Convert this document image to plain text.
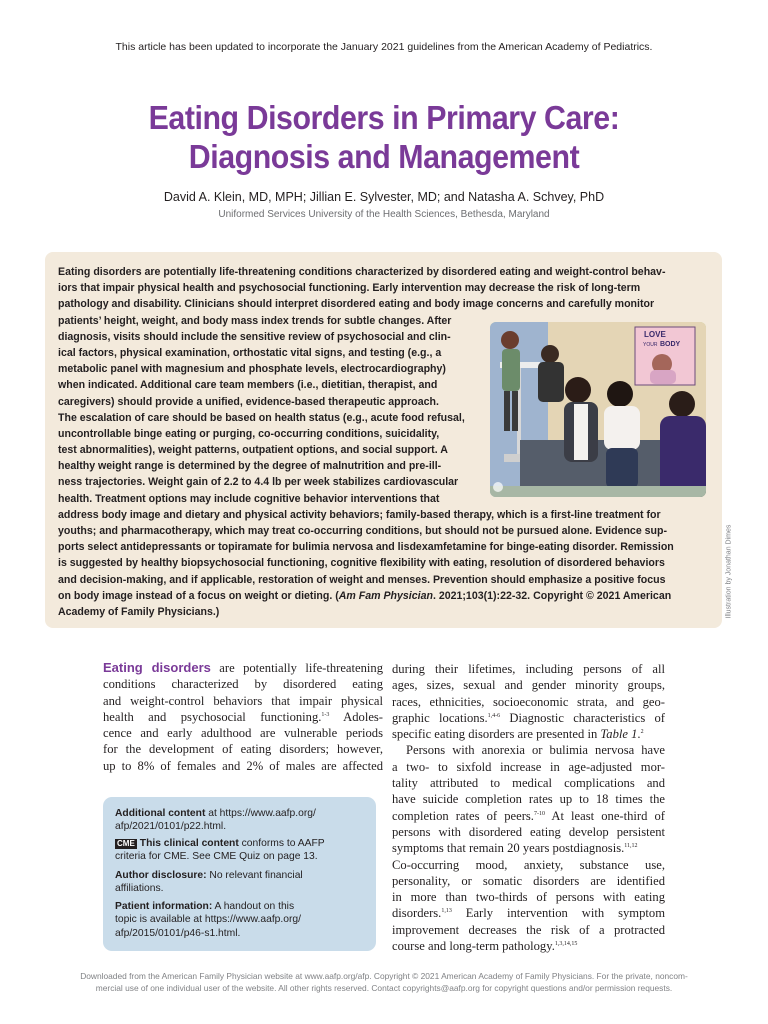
This article has been updated to incorporate the January 2021 guidelines from the American Academy of Pediatrics.
Eating Disorders in Primary Care:
Diagnosis and Management
David A. Klein, MD, MPH; Jillian E. Sylvester, MD; and Natasha A. Schvey, PhD
Uniformed Services University of the Health Sciences, Bethesda, Maryland
Eating disorders are potentially life-threatening conditions characterized by disordered eating and weight-control behav-
iors that impair physical health and psychosocial functioning. Early intervention may decrease the risk of long-term
pathology and disability. Clinicians should interpret disordered eating and body image concerns and carefully monitor
patients’ height, weight, and body mass index trends for subtle changes. After
diagnosis, visits should include the sensitive review of psychosocial and clin-
ical factors, physical examination, orthostatic vital signs, and testing (e.g., a
metabolic panel with magnesium and phosphate levels, electrocardiography)
when indicated. Additional care team members (i.e., dietitian, therapist, and
caregivers) should provide a unified, evidence-based therapeutic approach.
The escalation of care should be based on health status (e.g., acute food refusal,
uncontrollable binge eating or purging, co-occurring conditions, suicidality,
test abnormalities), weight patterns, outpatient options, and social support. A
healthy weight range is determined by the degree of malnutrition and pre-ill-
ness trajectories. Weight gain of 2.2 to 4.4 lb per week stabilizes cardiovascular
health. Treatment options may include cognitive behavior interventions that
address body image and dietary and physical activity behaviors; family-based therapy, which is a first-line treatment for
youths; and pharmacotherapy, which may treat co-occurring conditions, but should not be pursued alone. Evidence sup-
ports select antidepressants or topiramate for bulimia nervosa and lisdexamfetamine for binge-eating disorder. Remission
is suggested by healthy biopsychosocial functioning, cognitive flexibility with eating, resolution of disordered behaviors
and decision-making, and if applicable, restoration of weight and menses. Prevention should emphasize a positive focus
on body image instead of a focus on weight or dieting. (Am Fam Physician. 2021;103(1):22-32. Copyright © 2021 American
Academy of Family Physicians.)
LOVE
YOUR BODY
Illustration by Jonathan Dimes
Eating disorders are potentially life-threatening
conditions characterized by disordered eating
and weight-control behaviors that impair physical
health and psychosocial functioning.$^{1-3}$ Adoles-
cence and early adulthood are vulnerable periods
for the development of eating disorders; however,
up to 8% of females and 2% of males are affected
Additional content at https://www.aafp.org/
afp/2021/0101/p22.html.
CME This clinical content conforms to AAFP
criteria for CME. See CME Quiz on page 13.
Author disclosure: No relevant financial
affiliations.
Patient information: A handout on this
topic is available at https://www.aafp.org/
afp/2015/0101/p46-s1.html.
during their lifetimes, including persons of all
ages, sizes, sexual and gender minority groups,
races, ethnicities, socioeconomic strata, and geo-
graphic locations.$^{1,4-6}$ Diagnostic characteristics of
specific eating disorders are presented in Table 1.$^2$
Persons with anorexia or bulimia nervosa have
a two- to sixfold increase in age-adjusted mor-
tality attributed to medical complications and
have suicide completion rates up to 18 times the
completion rates of peers.$^{7-10}$ At least one-third of
persons with disordered eating develop persistent
symptoms that remain 20 years postdiagnosis.$^{11,12}$
Co-occurring mood, anxiety, substance use,
personality, or somatic disorders are identified
in more than two-thirds of persons with eating
disorders.$^{1,13}$ Early intervention with symptom
improvement decreases the risk of a protracted
course and long-term pathology.$^{1,3,14,15}$
Downloaded from the American Family Physician website at www.aafp.org/afp. Copyright © 2021 American Academy of Family Physicians. For the private, noncom-
mercial use of one individual user of the website. All other rights reserved. Contact copyrights@aafp.org for copyright questions and/or permission requests.
